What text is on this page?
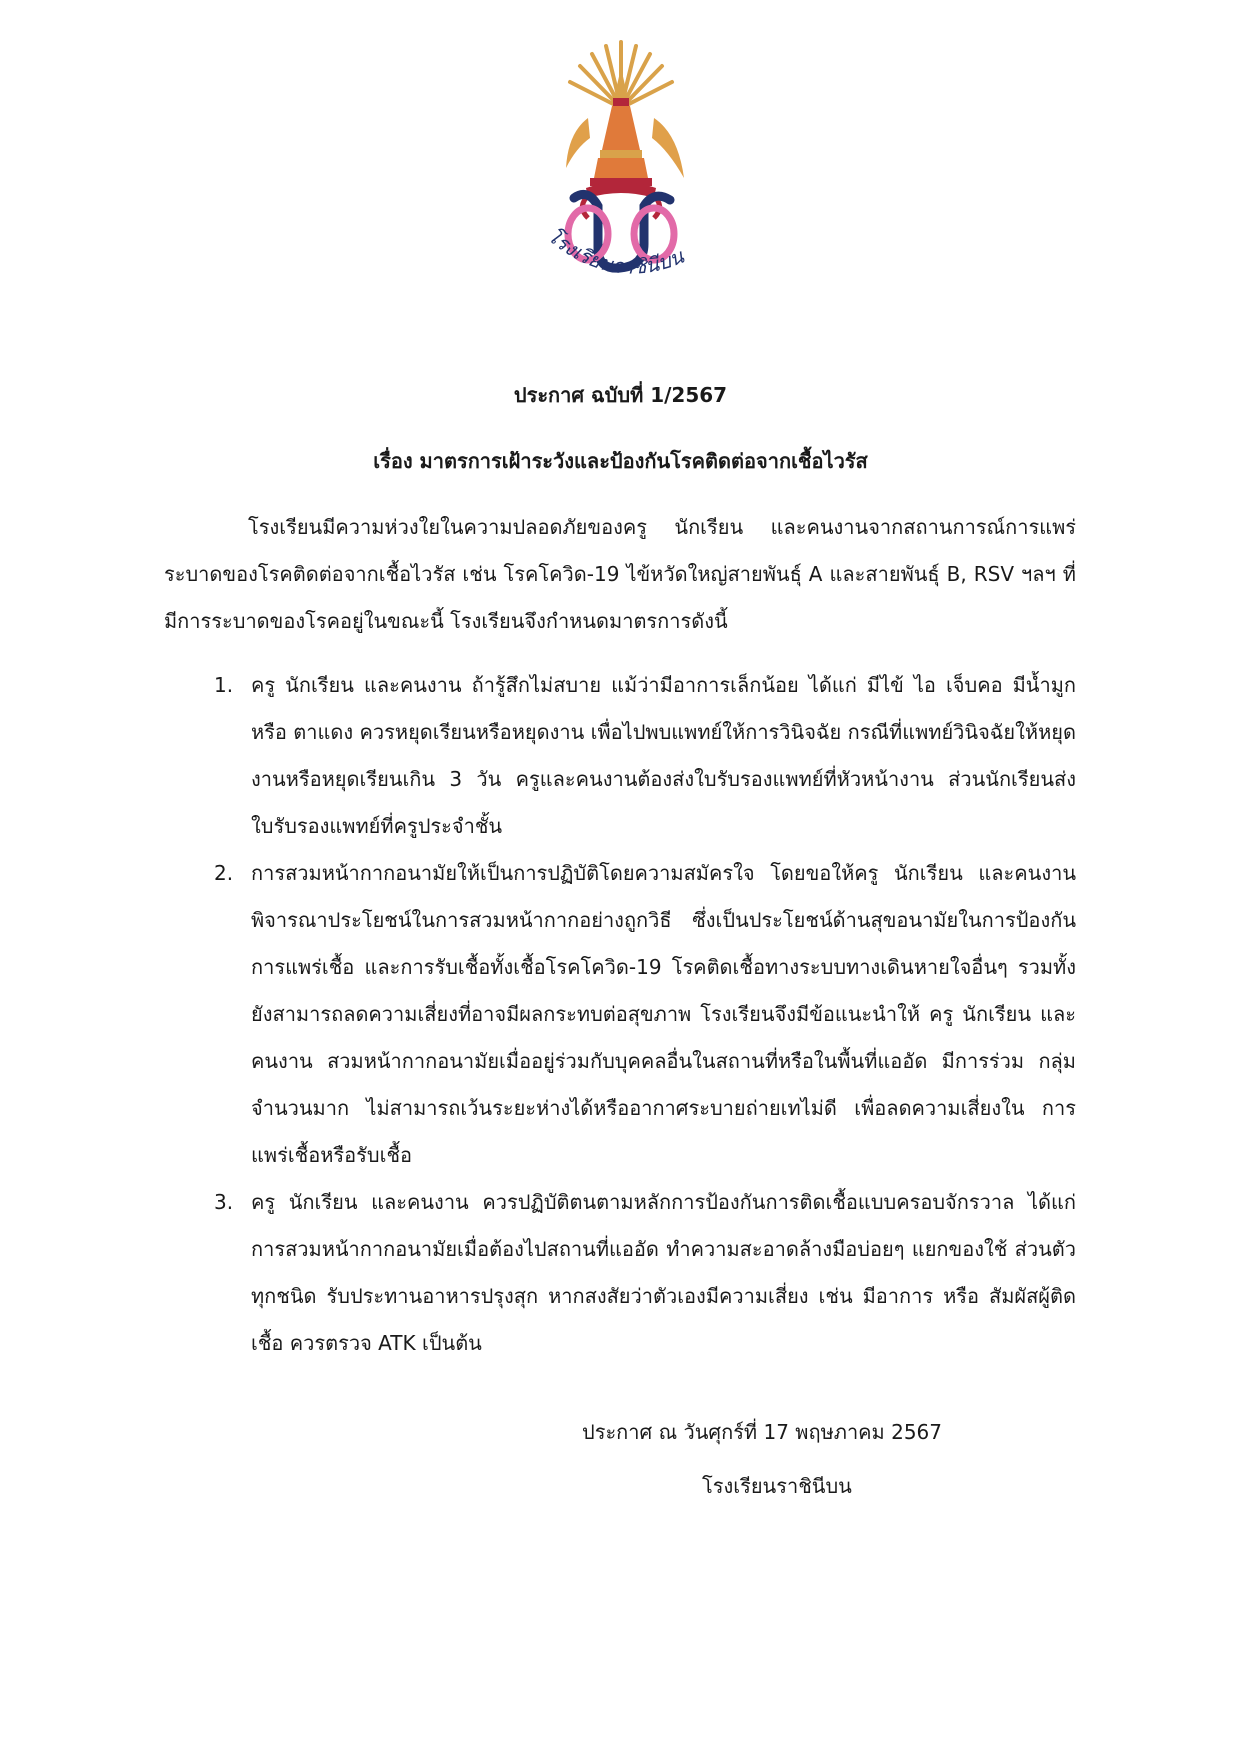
โรงเรียนราชินีบน
ประกาศ ฉบับที่ 1/2567
เรื่อง มาตรการเฝ้าระวังและป้องกันโรคติดต่อจากเชื้อไวรัส

โรงเรียนมีความห่วงใยในความปลอดภัยของครู นักเรียน และคนงานจากสถานการณ์การแพร่ระบาดของโรคติดต่อจากเชื้อไวรัส เช่น โรคโควิด-19 ไข้หวัดใหญ่สายพันธุ์ A และสายพันธุ์ B, RSV ฯลฯ ที่มีการระบาดของโรคอยู่ในขณะนี้ โรงเรียนจึงกำหนดมาตรการดังนี้

1. ครู นักเรียน และคนงาน ถ้ารู้สึกไม่สบาย แม้ว่ามีอาการเล็กน้อย ได้แก่ มีไข้ ไอ เจ็บคอ มีน้ำมูก หรือ ตาแดง ควรหยุดเรียนหรือหยุดงาน เพื่อไปพบแพทย์ให้การวินิจฉัย กรณีที่แพทย์วินิจฉัยให้หยุดงานหรือหยุดเรียนเกิน 3 วัน ครูและคนงานต้องส่งใบรับรองแพทย์ที่หัวหน้างาน ส่วนนักเรียนส่งใบรับรองแพทย์ที่ครูประจำชั้น

2. การสวมหน้ากากอนามัยให้เป็นการปฏิบัติโดยความสมัครใจ โดยขอให้ครู นักเรียน และคนงาน พิจารณาประโยชน์ในการสวมหน้ากากอย่างถูกวิธี ซึ่งเป็นประโยชน์ด้านสุขอนามัยในการป้องกัน การแพร่เชื้อ และการรับเชื้อทั้งเชื้อโรคโควิด-19 โรคติดเชื้อทางระบบทางเดินหายใจอื่นๆ รวมทั้ง ยังสามารถลดความเสี่ยงที่อาจมีผลกระทบต่อสุขภาพ โรงเรียนจึงมีข้อแนะนำให้ ครู นักเรียน และคนงาน สวมหน้ากากอนามัยเมื่ออยู่ร่วมกับบุคคลอื่นในสถานที่หรือในพื้นที่แออัด มีการร่วม กลุ่มจำนวนมาก ไม่สามารถเว้นระยะห่างได้หรืออากาศระบายถ่ายเทไม่ดี เพื่อลดความเสี่ยงใน การแพร่เชื้อหรือรับเชื้อ

3. ครู นักเรียน และคนงาน ควรปฏิบัติตนตามหลักการป้องกันการติดเชื้อแบบครอบจักรวาล ได้แก่ การสวมหน้ากากอนามัยเมื่อต้องไปสถานที่แออัด ทำความสะอาดล้างมือบ่อยๆ แยกของใช้ ส่วนตัวทุกชนิด รับประทานอาหารปรุงสุก หากสงสัยว่าตัวเองมีความเสี่ยง เช่น มีอาการ หรือ สัมผัสผู้ติดเชื้อ ควรตรวจ ATK เป็นต้น

ประกาศ ณ วันศุกร์ที่ 17 พฤษภาคม 2567
โรงเรียนราชินีบน
